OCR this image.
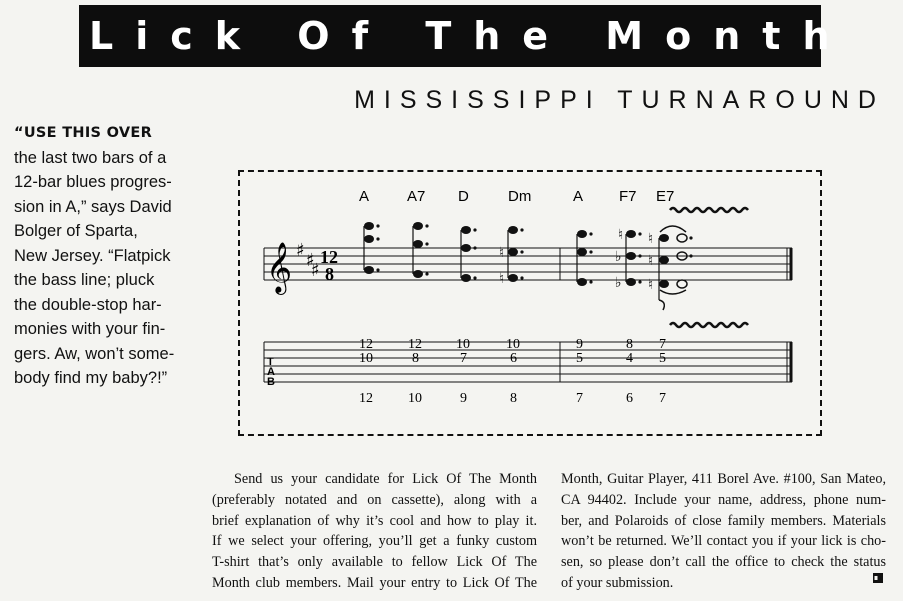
Lick Of The Month
MISSISSIPPI TURNAROUND
“USE THIS OVER
the last two bars of a
12-bar blues progres-
sion in A,” says David
Bolger of Sparta,
New Jersey. “Flatpick
the bass line; pluck
the double-stop har-
monies with your fin-
gers. Aw, won’t some-
body find my baby?!”
A	A7 D	Dm	A F7 E7
𝄞 ♯ ♯
♯
12
8
♮
♮
♮
♭
♭
♮
♮
♮
T
A
B
12	12 10	10	9	8 7
10	8	7	6	5	4 5
12	10	9	8	7	6 7
Send us your candidate for Lick Of The Month
(preferably notated and on cassette), along with a
brief explanation of why it’s cool and how to play it.
If we select your offering, you’ll get a funky custom
T-shirt that’s only available to fellow Lick Of The
Month club members. Mail your entry to Lick Of The
Month, Guitar Player, 411 Borel Ave. #100, San Mateo,
CA 94402. Include your name, address, phone num-
ber, and Polaroids of close family members. Materials
won’t be returned. We’ll contact you if your lick is cho-
sen, so please don’t call the office to check the status
of your submission.
